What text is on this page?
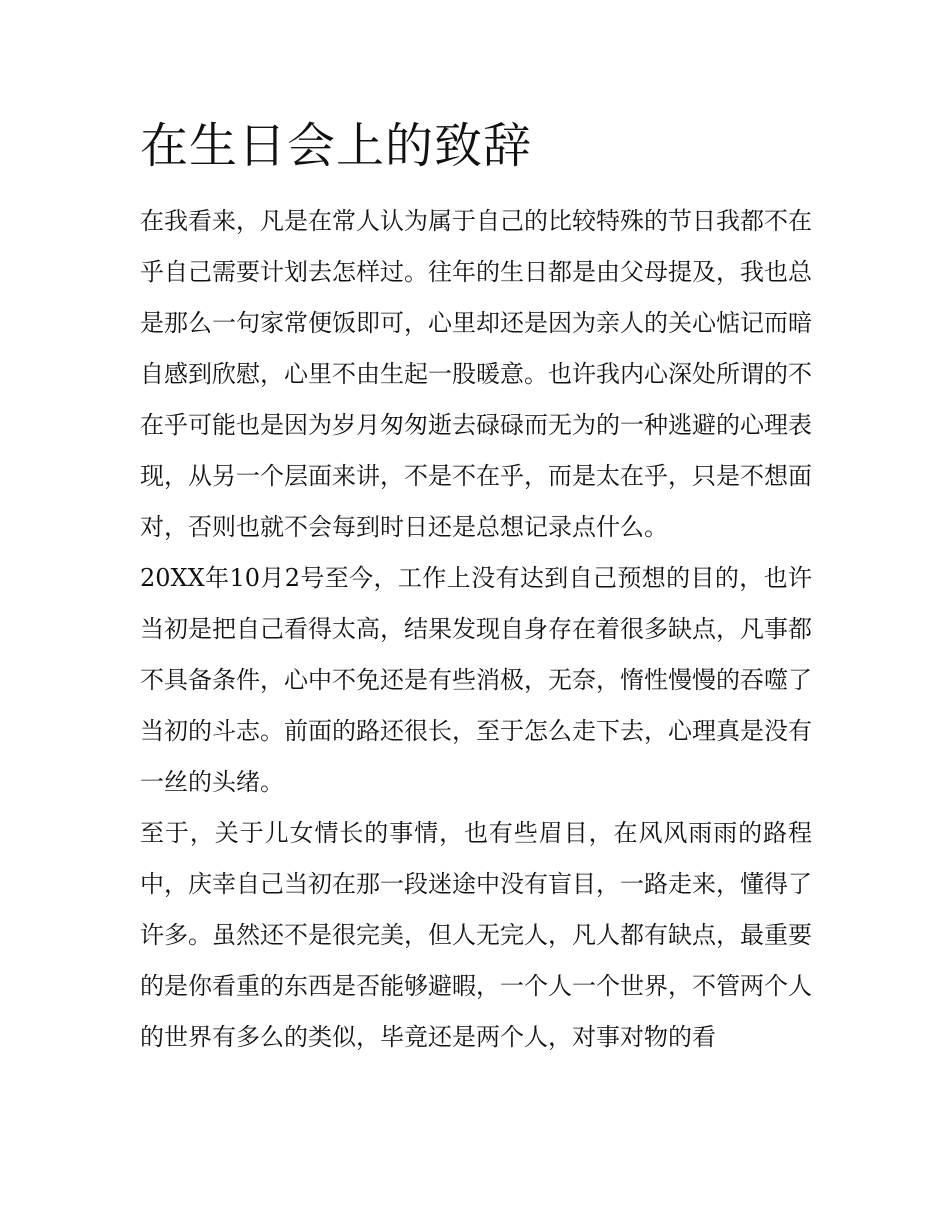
在生日会上的致辞

在我看来，凡是在常人认为属于自己的比较特殊的节日我都不在乎自己需要计划去怎样过。往年的生日都是由父母提及，我也总是那么一句家常便饭即可，心里却还是因为亲人的关心惦记而暗自感到欣慰，心里不由生起一股暖意。也许我内心深处所谓的不在乎可能也是因为岁月匆匆逝去碌碌而无为的一种逃避的心理表现，从另一个层面来讲，不是不在乎，而是太在乎，只是不想面对，否则也就不会每到时日还是总想记录点什么。

20XX年10月2号至今，工作上没有达到自己预想的目的，也许当初是把自己看得太高，结果发现自身存在着很多缺点，凡事都不具备条件，心中不免还是有些消极，无奈，惰性慢慢的吞噬了当初的斗志。前面的路还很长，至于怎么走下去，心理真是没有一丝的头绪。

至于，关于儿女情长的事情，也有些眉目，在风风雨雨的路程中，庆幸自己当初在那一段迷途中没有盲目，一路走来，懂得了许多。虽然还不是很完美，但人无完人，凡人都有缺点，最重要的是你看重的东西是否能够避暇，一个人一个世界，不管两个人的世界有多么的类似，毕竟还是两个人，对事对物的看
